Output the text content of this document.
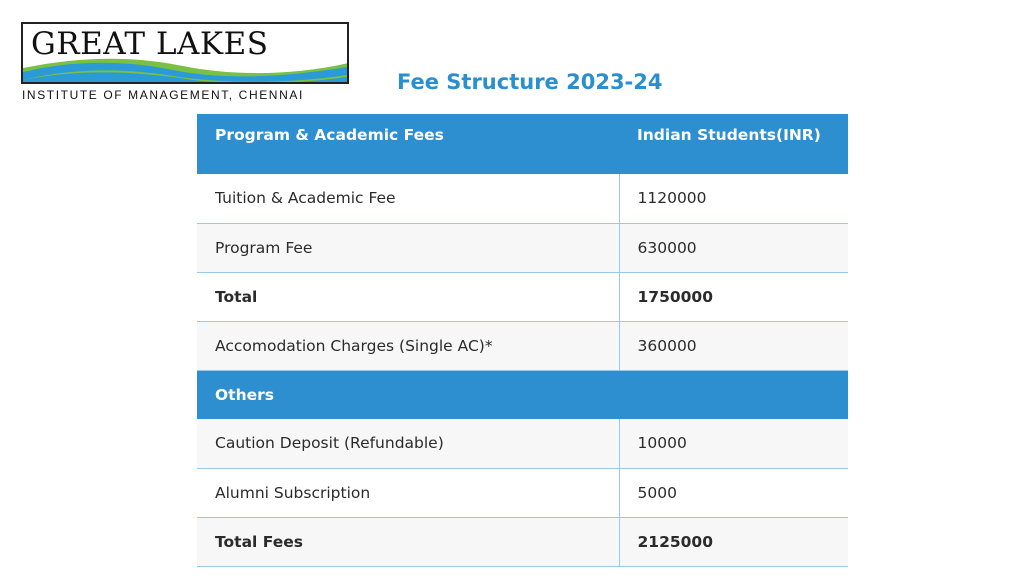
GREAT LAKES
INSTITUTE OF MANAGEMENT, CHENNAI
Fee Structure 2023-24
Program & Academic Fees	Indian Students(INR)
Tuition & Academic Fee	1120000
Program Fee	630000
Total	1750000
Accomodation Charges (Single AC)*	360000
Others	
Caution Deposit (Refundable)	10000
Alumni Subscription	5000
Total Fees	2125000
